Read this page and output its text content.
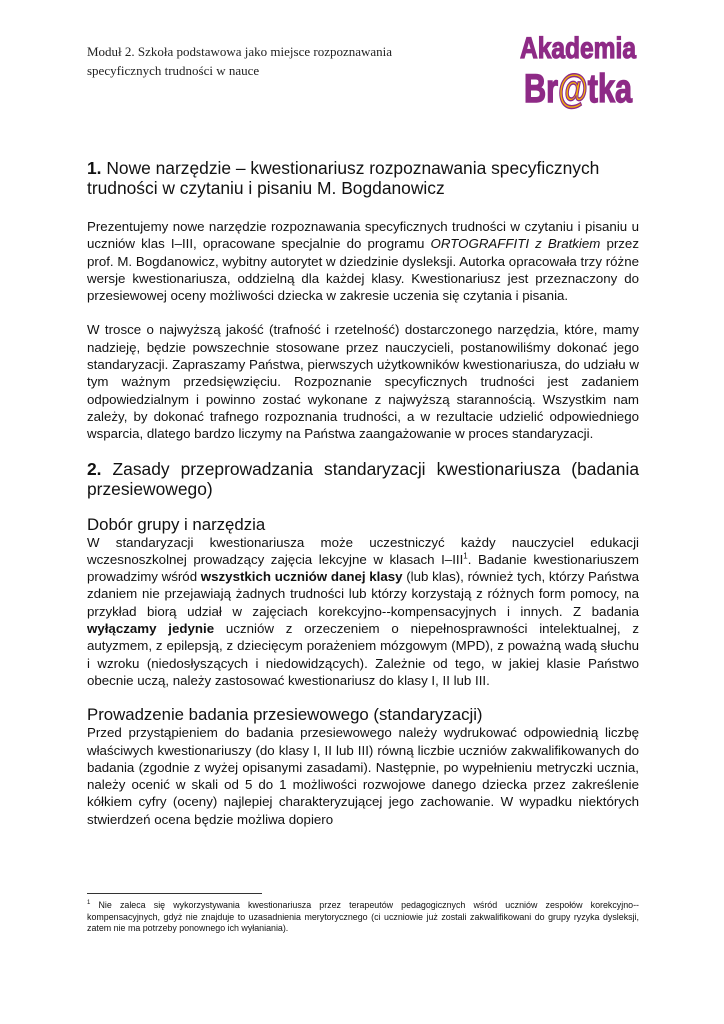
Moduł 2. Szkoła podstawowa jako miejsce rozpoznawania
specyficznych trudności w nauce
Akademia
Br@tka
1. Nowe narzędzie – kwestionariusz rozpoznawania specyficznych
trudności w czytaniu i pisaniu M. Bogdanowicz

Prezentujemy nowe narzędzie rozpoznawania specyficznych trudności w czytaniu i pisaniu u uczniów klas I–III, opracowane specjalnie do programu ORTOGRAFFITI z Bratkiem przez prof. M. Bogdanowicz, wybitny autorytet w dziedzinie dysleksji. Autorka opracowała trzy różne wersje kwestionariusza, oddzielną dla każdej klasy. Kwestionariusz jest przeznaczony do przesiewowej oceny możliwości dziecka w zakresie uczenia się czytania i pisania.

W trosce o najwyższą jakość (trafność i rzetelność) dostarczonego narzędzia, które, mamy nadzieję, będzie powszechnie stosowane przez nauczycieli, postanowiliśmy dokonać jego standaryzacji. Zapraszamy Państwa, pierwszych użytkowników kwestionariusza, do udziału w tym ważnym przedsięwzięciu. Rozpoznanie specyficznych trudności jest zadaniem odpowiedzialnym i powinno zostać wykonane z najwyższą starannością. Wszystkim nam zależy, by dokonać trafnego rozpoznania trudności, a w rezultacie udzielić odpowiedniego wsparcia, dlatego bardzo liczymy na Państwa zaangażowanie w proces standaryzacji.

2. Zasady przeprowadzania standaryzacji kwestionariusza (badania przesiewowego)
Dobór grupy i narzędzia

W standaryzacji kwestionariusza może uczestniczyć każdy nauczyciel edukacji wczesnoszkolnej prowadzący zajęcia lekcyjne w klasach I–III$^1$. Badanie kwestionariuszem prowadzimy wśród wszystkich uczniów danej klasy (lub klas), również tych, którzy Państwa zdaniem nie przejawiają żadnych trudności lub którzy korzystają z różnych form pomocy, na przykład biorą udział w zajęciach korekcyjno--kompensacyjnych i innych. Z badania wyłączamy jedynie uczniów z orzeczeniem o niepełnosprawności intelektualnej, z autyzmem, z epilepsją, z dziecięcym porażeniem mózgowym (MPD), z poważną wadą słuchu i wzroku (niedosłyszących i niedowidzących). Zależnie od tego, w jakiej klasie Państwo obecnie uczą, należy zastosować kwestionariusz do klasy I, II lub III.

Prowadzenie badania przesiewowego (standaryzacji)

Przed przystąpieniem do badania przesiewowego należy wydrukować odpowiednią liczbę właściwych kwestionariuszy (do klasy I, II lub III) równą liczbie uczniów zakwalifikowanych do badania (zgodnie z wyżej opisanymi zasadami). Następnie, po wypełnieniu metryczki ucznia, należy ocenić w skali od 5 do 1 możliwości rozwojowe danego dziecka przez zakreślenie kółkiem cyfry (oceny) najlepiej charakteryzującej jego zachowanie. W wypadku niektórych stwierdzeń ocena będzie możliwa dopiero

$^1$ Nie zaleca się wykorzystywania kwestionariusza przez terapeutów pedagogicznych wśród uczniów zespołów korekcyjno--kompensacyjnych, gdyż nie znajduje to uzasadnienia merytorycznego (ci uczniowie już zostali zakwalifikowani do grupy ryzyka dysleksji, zatem nie ma potrzeby ponownego ich wyłaniania).
